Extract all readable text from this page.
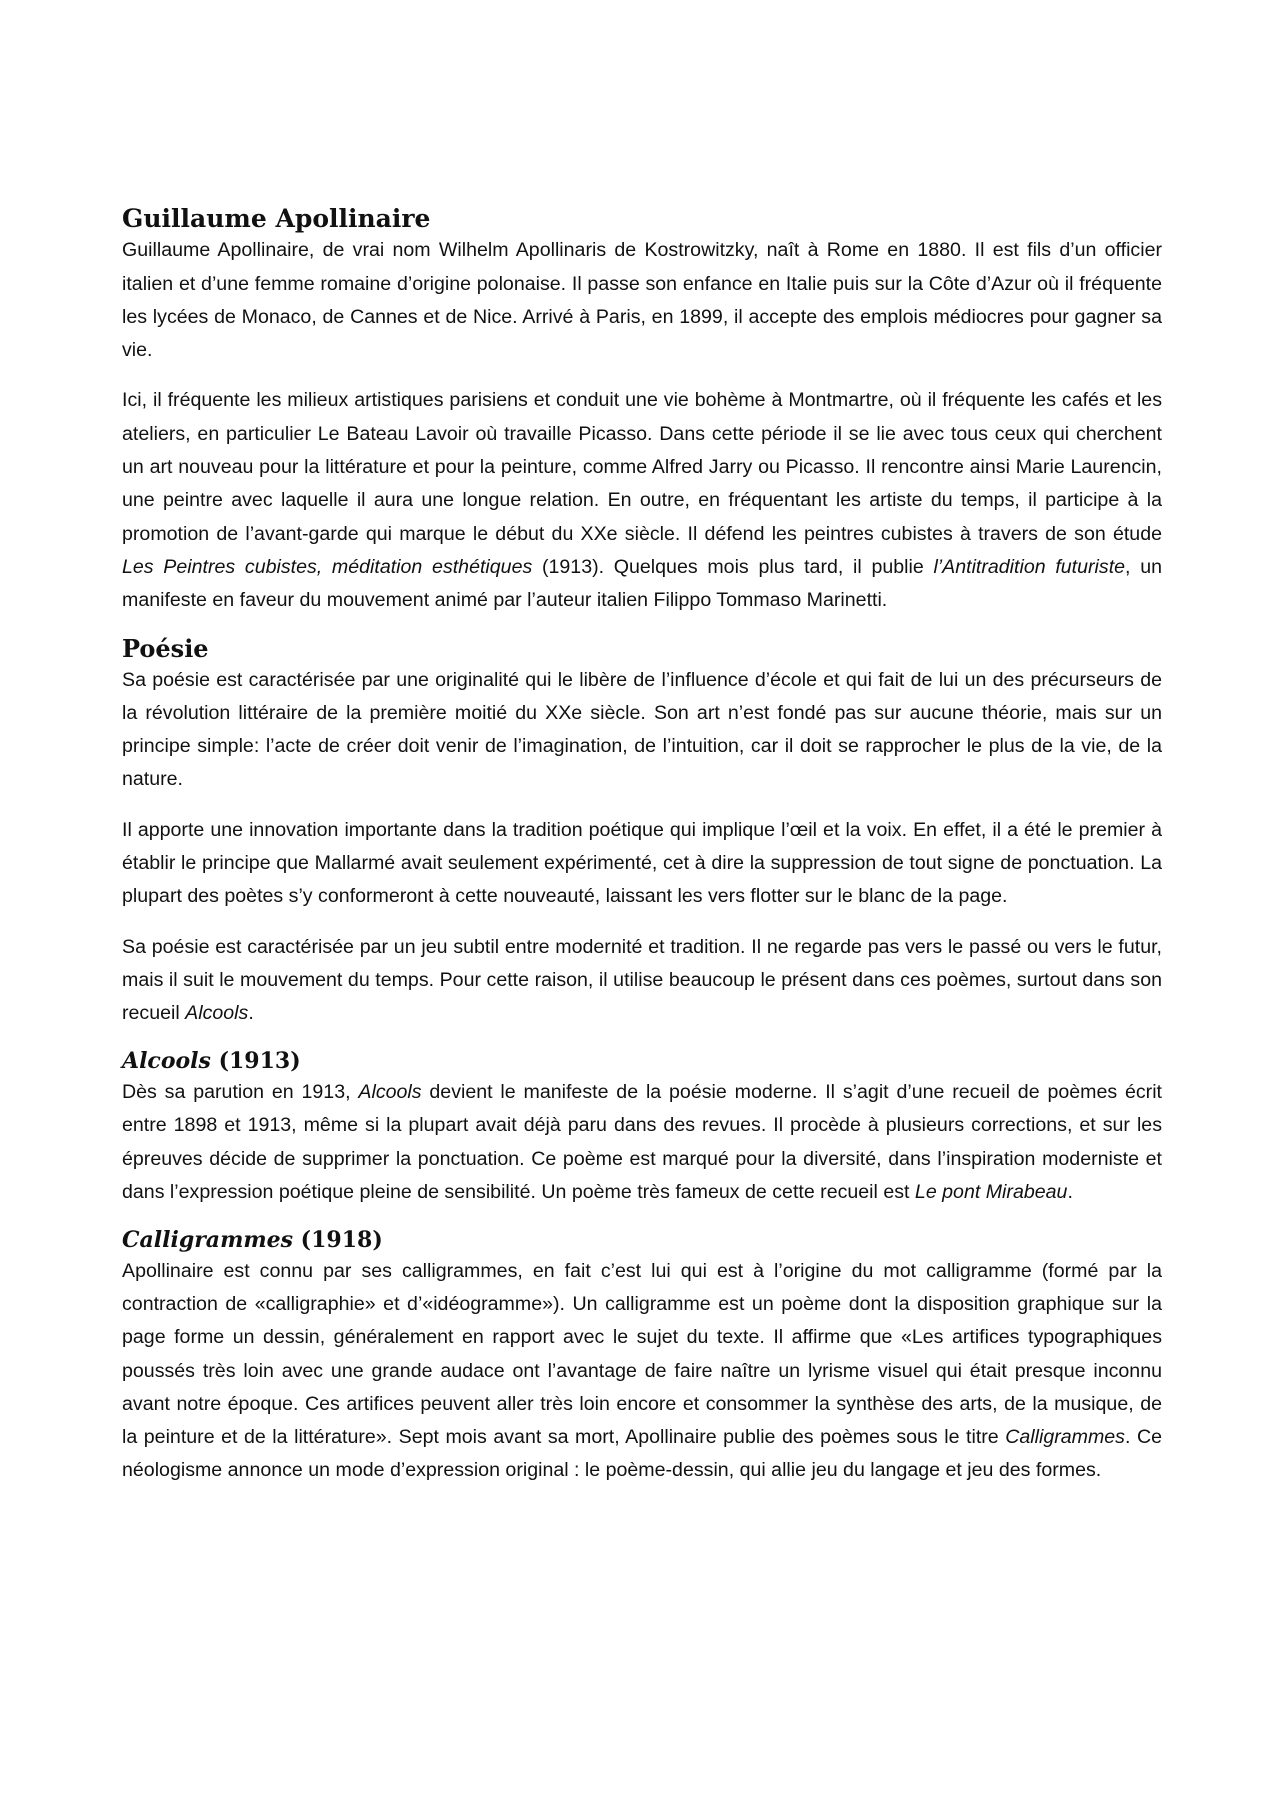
Guillaume Apollinaire

Guillaume Apollinaire, de vrai nom Wilhelm Apollinaris de Kostrowitzky, naît à Rome en 1880. Il est fils d’un officier italien et d’une femme romaine d’origine polonaise. Il passe son enfance en Italie puis sur la Côte d’Azur où il fréquente les lycées de Monaco, de Cannes et de Nice. Arrivé à Paris, en 1899, il accepte des emplois médiocres pour gagner sa vie.

Ici, il fréquente les milieux artistiques parisiens et conduit une vie bohème à Montmartre, où il fréquente les cafés et les ateliers, en particulier Le Bateau Lavoir où travaille Picasso. Dans cette période il se lie avec tous ceux qui cherchent un art nouveau pour la littérature et pour la peinture, comme Alfred Jarry ou Picasso. Il rencontre ainsi Marie Laurencin, une peintre avec laquelle il aura une longue relation. En outre, en fréquentant les artiste du temps, il participe à la promotion de l’avant-garde qui marque le début du XXe siècle. Il défend les peintres cubistes à travers de son étude Les Peintres cubistes, méditation esthétiques (1913). Quelques mois plus tard, il publie l’Antitradition futuriste, un manifeste en faveur du mouvement animé par l’auteur italien Filippo Tommaso Marinetti.

Poésie

Sa poésie est caractérisée par une originalité qui le libère de l’influence d’école et qui fait de lui un des précurseurs de la révolution littéraire de la première moitié du XXe siècle. Son art n’est fondé pas sur aucune théorie, mais sur un principe simple: l’acte de créer doit venir de l’imagination, de l’intuition, car il doit se rapprocher le plus de la vie, de la nature.

Il apporte une innovation importante dans la tradition poétique qui implique l’œil et la voix. En effet, il a été le premier à établir le principe que Mallarmé avait seulement expérimenté, cet à dire la suppression de tout signe de ponctuation. La plupart des poètes s’y conformeront à cette nouveauté, laissant les vers flotter sur le blanc de la page.

Sa poésie est caractérisée par un jeu subtil entre modernité et tradition. Il ne regarde pas vers le passé ou vers le futur, mais il suit le mouvement du temps. Pour cette raison, il utilise beaucoup le présent dans ces poèmes, surtout dans son recueil Alcools.

Alcools (1913)

Dès sa parution en 1913, Alcools devient le manifeste de la poésie moderne. Il s’agit d’une recueil de poèmes écrit entre 1898 et 1913, même si la plupart avait déjà paru dans des revues. Il procède à plusieurs corrections, et sur les épreuves décide de supprimer la ponctuation. Ce poème est marqué pour la diversité, dans l’inspiration moderniste et dans l’expression poétique pleine de sensibilité. Un poème très fameux de cette recueil est Le pont Mirabeau.

Calligrammes (1918)

Apollinaire est connu par ses calligrammes, en fait c’est lui qui est à l’origine du mot calligramme (formé par la contraction de «calligraphie» et d’«idéogramme»). Un calligramme est un poème dont la disposition graphique sur la page forme un dessin, généralement en rapport avec le sujet du texte. Il affirme que «Les artifices typographiques poussés très loin avec une grande audace ont l’avantage de faire naître un lyrisme visuel qui était presque inconnu avant notre époque. Ces artifices peuvent aller très loin encore et consommer la synthèse des arts, de la musique, de la peinture et de la littérature». Sept mois avant sa mort, Apollinaire publie des poèmes sous le titre Calligrammes. Ce néologisme annonce un mode d’expression original : le poème-dessin, qui allie jeu du langage et jeu des formes.
